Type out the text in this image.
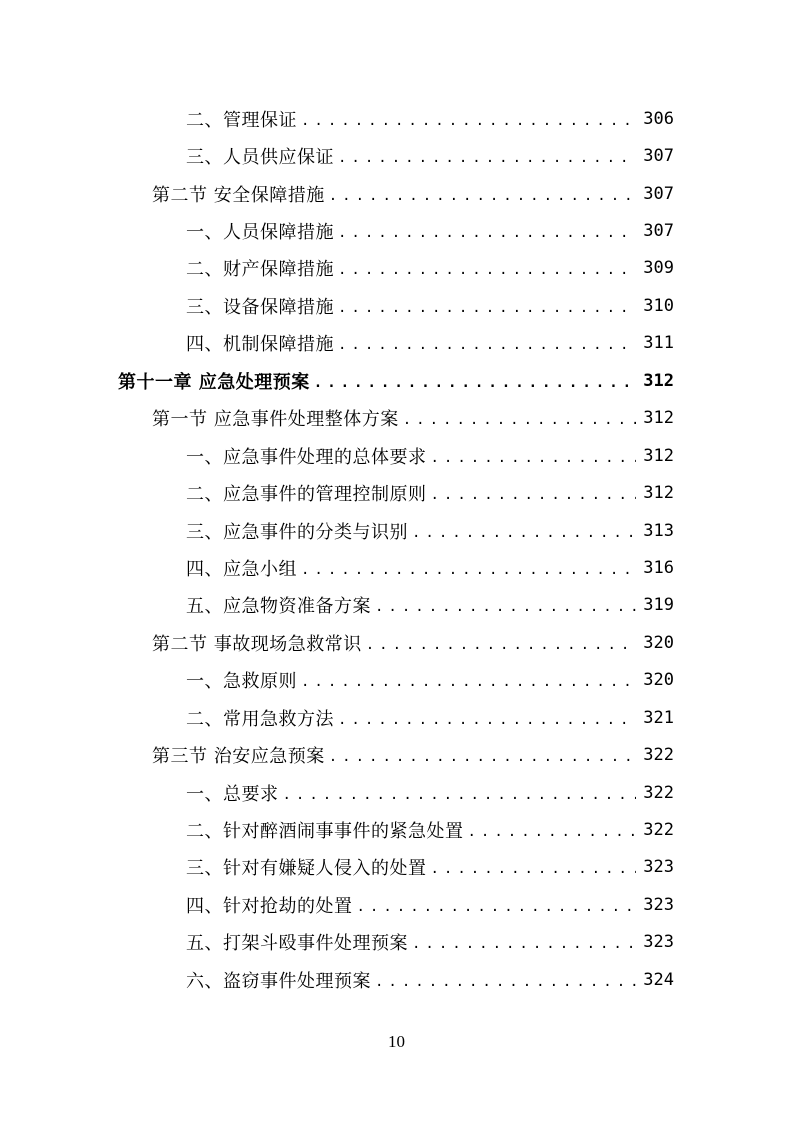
二、管理保证 .....	306
三、人员供应保证 .....	307
第二节 安全保障措施 .....	307
一、人员保障措施 .....	307
二、财产保障措施 .....	309
三、设备保障措施 .....	310
四、机制保障措施 .....	311
第十一章 应急处理预案 .....	312
第一节 应急事件处理整体方案 .....	312
一、应急事件处理的总体要求 .....	312
二、应急事件的管理控制原则 .....	312
三、应急事件的分类与识别 .....	313
四、应急小组 .....	316
五、应急物资准备方案 .....	319
第二节 事故现场急救常识 .....	320
一、急救原则 .....	320
二、常用急救方法 .....	321
第三节 治安应急预案 .....	322
一、总要求 .....	322
二、针对醉酒闹事事件的紧急处置 .....	322
三、针对有嫌疑人侵入的处置 .....	323
四、针对抢劫的处置 .....	323
五、打架斗殴事件处理预案 .....	323
六、盗窃事件处理预案 .....	324
10
